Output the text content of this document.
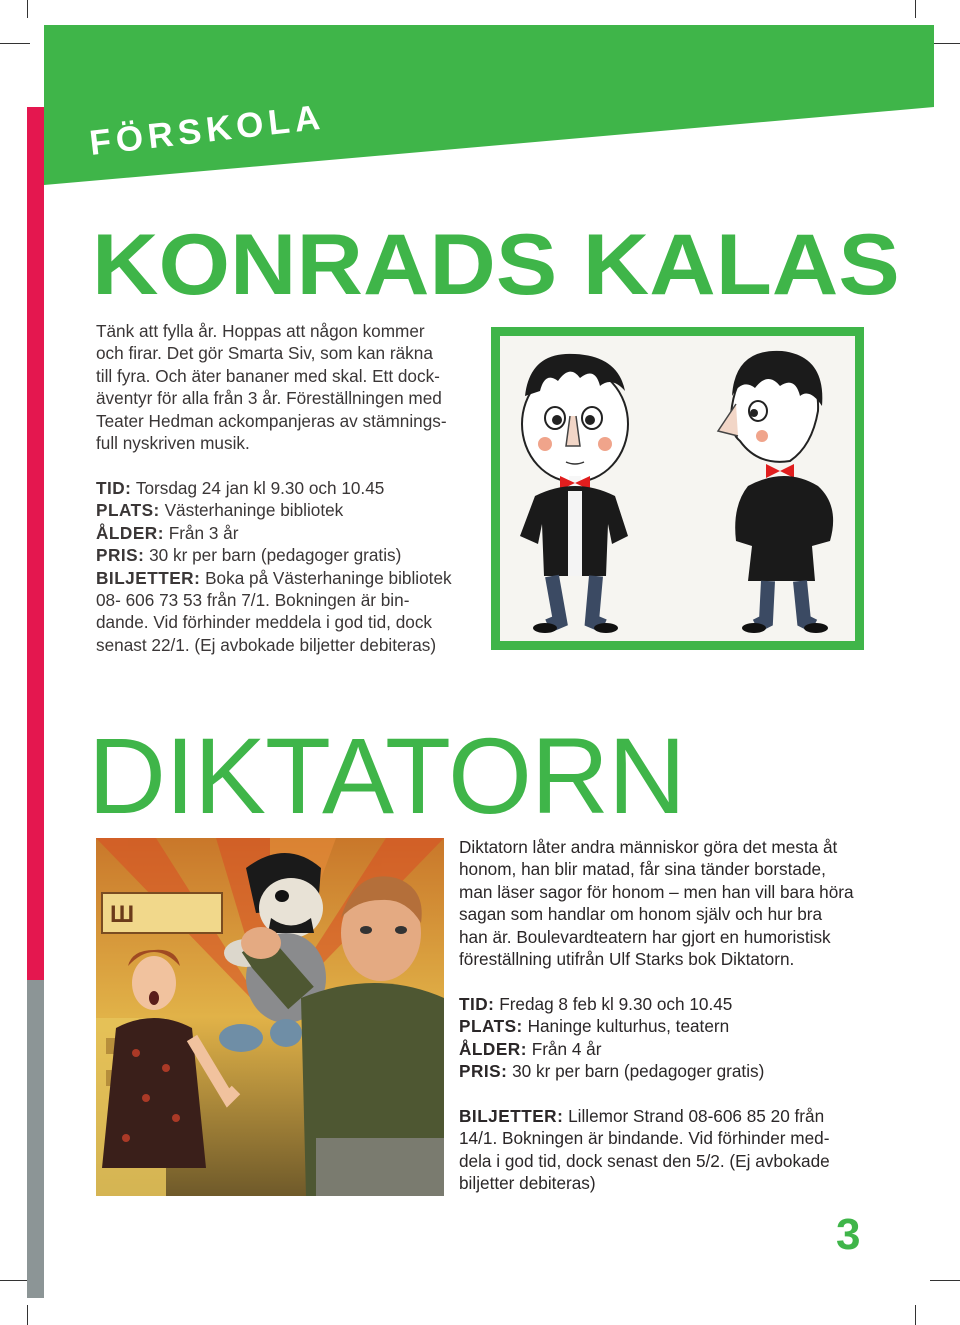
FÖRSKOLA
KONRADS KALAS

Tänk att fylla år. Hoppas att någon kommer

och firar. Det gör Smarta Siv, som kan räkna

till fyra. Och äter bananer med skal. Ett dock-

äventyr för alla från 3 år. Föreställningen med

Teater Hedman ackompanjeras av stämnings-

full nyskriven musik.

TID: Torsdag 24 jan kl 9.30 och 10.45

PLATS: Västerhaninge bibliotek

ÅLDER: Från 3 år

PRIS: 30 kr per barn (pedagoger gratis)

BILJETTER: Boka på Västerhaninge bibliotek

08- 606 73 53 från 7/1. Bokningen är bin-

dande. Vid förhinder meddela i god tid, dock

senast 22/1. (Ej avbokade biljetter debiteras)

DIKTATORN
Ш

Diktatorn låter andra människor göra det mesta åt

honom, han blir matad, får sina tänder borstade,

man läser sagor för honom – men han vill bara höra

sagan som handlar om honom själv och hur bra

han är. Boulevardteatern har gjort en humoristisk

föreställning utifrån Ulf Starks bok Diktatorn.

TID: Fredag 8 feb kl 9.30 och 10.45

PLATS: Haninge kulturhus, teatern

ÅLDER: Från 4 år

PRIS: 30 kr per barn (pedagoger gratis)

BILJETTER: Lillemor Strand 08-606 85 20 från

14/1. Bokningen är bindande. Vid förhinder med-

dela i god tid, dock senast den 5/2. (Ej avbokade

biljetter debiteras)

3
